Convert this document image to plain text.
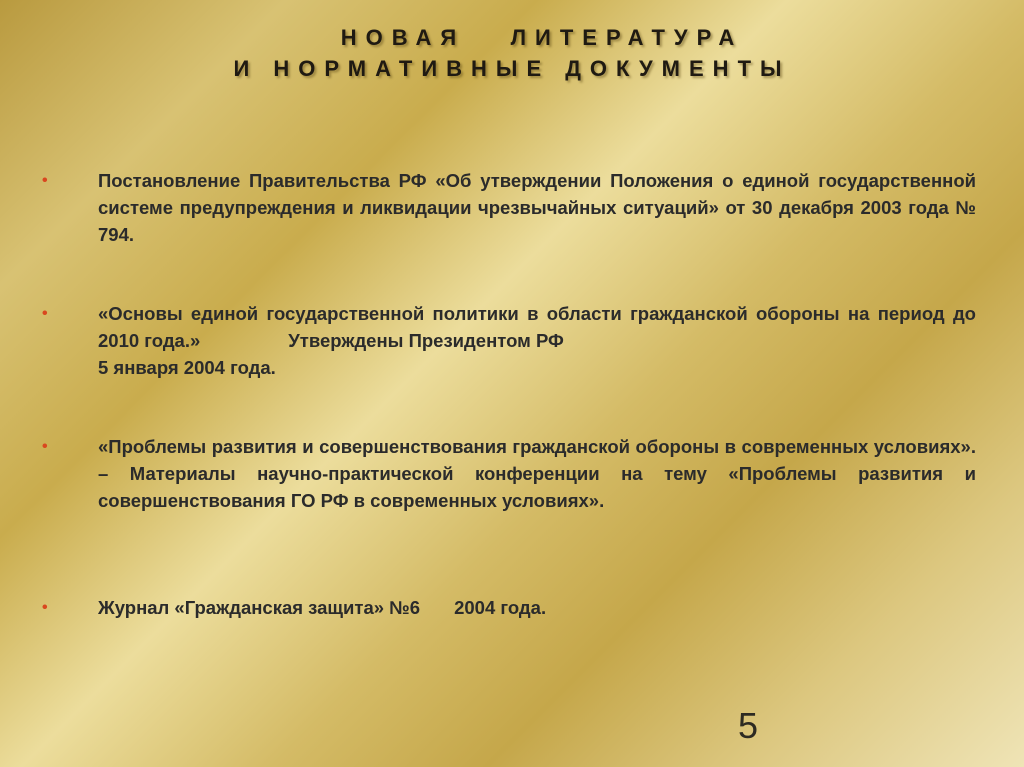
НОВАЯ   ЛИТЕРАТУРА
И НОРМАТИВНЫЕ ДОКУМЕНТЫ
•	Постановление Правительства РФ «Об утверждении Положения о единой государственной системе предупреждения и ликвидации чрезвычайных ситуаций» от 30 декабря 2003 года № 794.
•	«Основы единой государственной политики в области гражданской обороны на период до 2010 года.»	Утверждены Президентом РФ
5 января 2004 года.
•	«Проблемы развития и совершенствования гражданской обороны в современных условиях». – Материалы научно-практической конференции на тему «Проблемы развития и совершенствования ГО РФ в современных условиях».
•	Журнал «Гражданская защита» №6 2004 года.
5
